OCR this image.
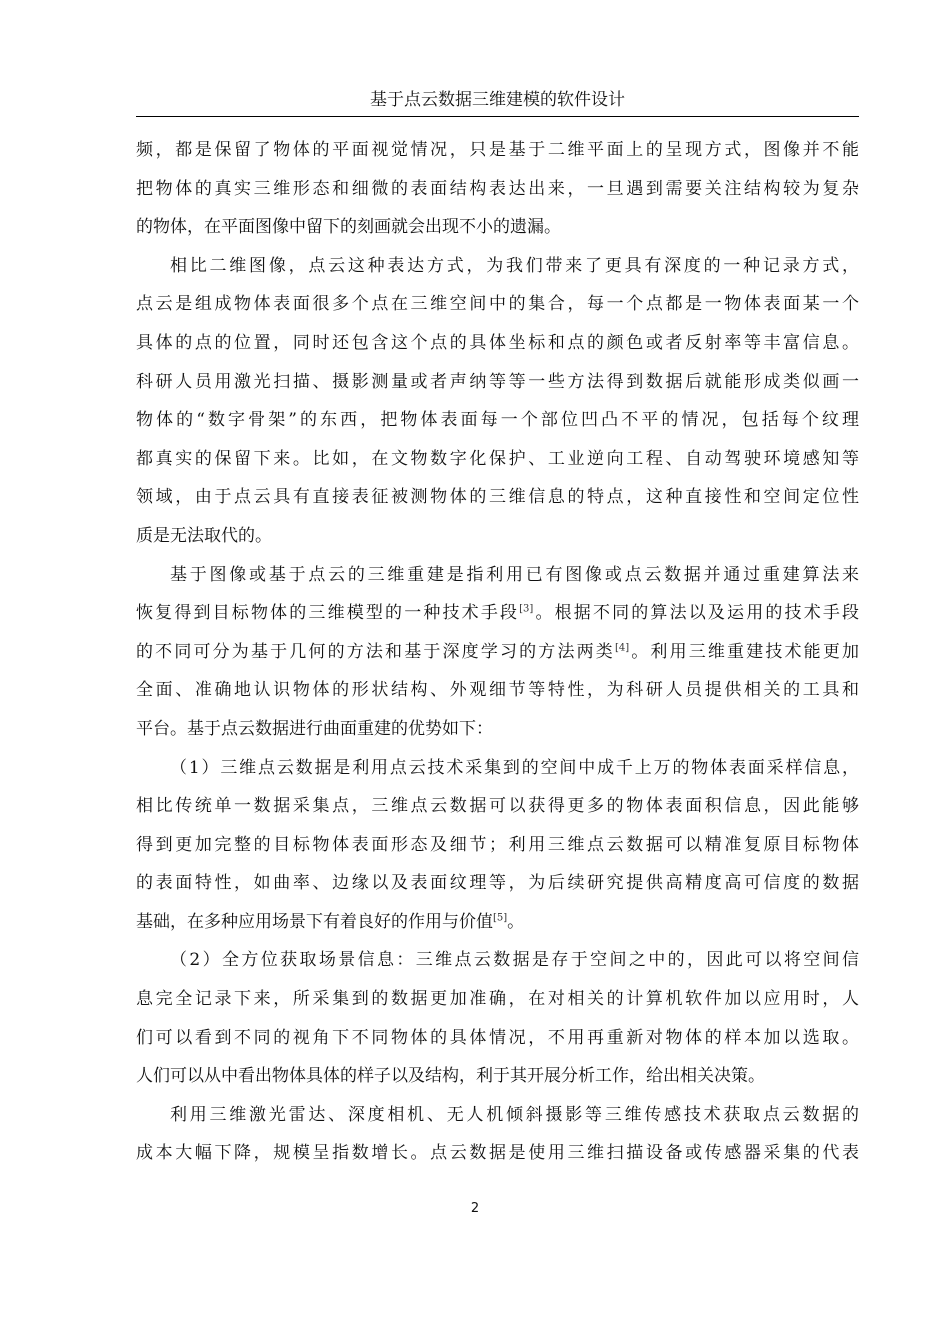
基于点云数据三维建模的软件设计

频，都是保留了物体的平面视觉情况，只是基于二维平面上的呈现方式，图像并不能
把物体的真实三维形态和细微的表面结构表达出来，一旦遇到需要关注结构较为复杂
的物体，在平面图像中留下的刻画就会出现不小的遗漏。

相比二维图像，点云这种表达方式，为我们带来了更具有深度的一种记录方式，
点云是组成物体表面很多个点在三维空间中的集合，每一个点都是一物体表面某一个
具体的点的位置，同时还包含这个点的具体坐标和点的颜色或者反射率等丰富信息。
科研人员用激光扫描、摄影测量或者声纳等等一些方法得到数据后就能形成类似画一
物体的“数字骨架”的东西，把物体表面每一个部位凹凸不平的情况，包括每个纹理
都真实的保留下来。比如，在文物数字化保护、工业逆向工程、自动驾驶环境感知等
领域，由于点云具有直接表征被测物体的三维信息的特点，这种直接性和空间定位性
质是无法取代的。

基于图像或基于点云的三维重建是指利用已有图像或点云数据并通过重建算法来
恢复得到目标物体的三维模型的一种技术手段[3]。根据不同的算法以及运用的技术手段
的不同可分为基于几何的方法和基于深度学习的方法两类[4]。利用三维重建技术能更加
全面、准确地认识物体的形状结构、外观细节等特性，为科研人员提供相关的工具和
平台。基于点云数据进行曲面重建的优势如下：

（1）三维点云数据是利用点云技术采集到的空间中成千上万的物体表面采样信息，
相比传统单一数据采集点，三维点云数据可以获得更多的物体表面积信息，因此能够
得到更加完整的目标物体表面形态及细节；利用三维点云数据可以精准复原目标物体
的表面特性，如曲率、边缘以及表面纹理等，为后续研究提供高精度高可信度的数据
基础，在多种应用场景下有着良好的作用与价值[5]。

（2）全方位获取场景信息：三维点云数据是存于空间之中的，因此可以将空间信
息完全记录下来，所采集到的数据更加准确，在对相关的计算机软件加以应用时，人
们可以看到不同的视角下不同物体的具体情况，不用再重新对物体的样本加以选取。
人们可以从中看出物体具体的样子以及结构，利于其开展分析工作，给出相关决策。

利用三维激光雷达、深度相机、无人机倾斜摄影等三维传感技术获取点云数据的
成本大幅下降，规模呈指数增长。点云数据是使用三维扫描设备或传感器采集的代表

2
